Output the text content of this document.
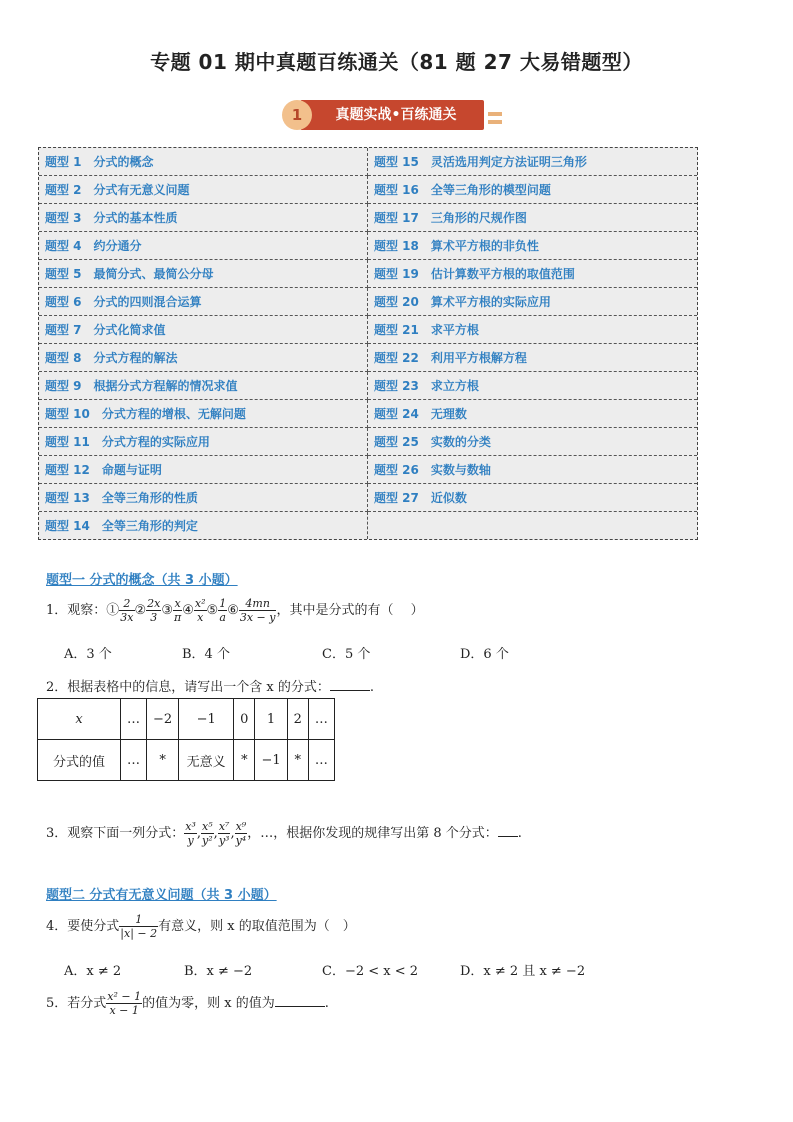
专题 01 期中真题百练通关（81 题 27 大易错题型）
真题实战•百练通关
1
题型 1　分式的概念	题型 15　灵活选用判定方法证明三角形
题型 2　分式有无意义问题	题型 16　全等三角形的模型问题
题型 3　分式的基本性质	题型 17　三角形的尺规作图
题型 4　约分通分	题型 18　算术平方根的非负性
题型 5　最简分式、最简公分母	题型 19　估计算数平方根的取值范围
题型 6　分式的四则混合运算	题型 20　算术平方根的实际应用
题型 7　分式化简求值	题型 21　求平方根
题型 8　分式方程的解法	题型 22　利用平方根解方程
题型 9　根据分式方程解的情况求值	题型 23　求立方根
题型 10　分式方程的增根、无解问题	题型 24　无理数
题型 11　分式方程的实际应用	题型 25　实数的分类
题型 12　命题与证明	题型 26　实数与数轴
题型 13　全等三角形的性质	题型 27　近似数
题型 14　全等三角形的判定	
题型一 分式的概念（共 3 小题）
1．观察：① $\frac{2}{3x}$ ② $\frac{2x}{3}$ ③ $\frac{x}{\pi}$ ④ $\frac{\text{x²}}{x}$ ⑤ $\frac{1}{a}$ ⑥ $\frac{4mn}{3x - y}$ ，其中是分式的有（　 ）
A．3 个	B．4 个	C．5 个	D．6 个
2．根据表格中的信息，请写出一个含 x 的分式：	.
x	…	−2	−1	0	1	2	…
分式的值	…	*	无意义	*	−1	*	…
3．观察下面一列分式： $\frac{\text{x³}}{y}$ , $\frac{\text{x⁵}}{\text{y²}}$ , $\frac{\text{x⁷}}{\text{y³}}$ , $\frac{\text{x⁹}}{\text{y⁴}}$ ，…，根据你发现的规律写出第 8 个分式： .
题型二 分式有无意义问题（共 3 小题）
4．要使分式 $\frac{1}{|x| - 2}$ 有意义，则 x 的取值范围为（　）
A．x ≠ 2	B．x ≠ −2	C．−2 < x < 2	D．x ≠ 2 且 x ≠ −2
5．若分式 $\frac{\text{x² − 1}}{x - 1}$ 的值为零，则 x 的值为	.
